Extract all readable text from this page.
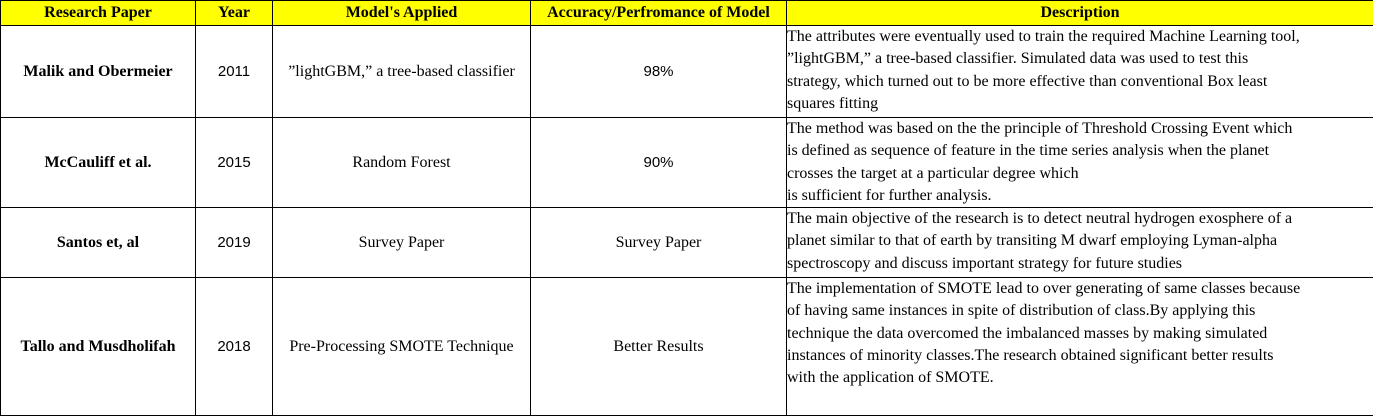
Research Paper	Year	Model's Applied	Accuracy/Perfromance of Model	Description
Malik and Obermeier	2011	”lightGBM,” a tree-based classifier	98%	The attributes were eventually used to train the required Machine Learning tool,
”lightGBM,” a tree-based classifier. Simulated data was used to test this
strategy, which turned out to be more effective than conventional Box least
squares fitting

McCauliff et al.	2015	Random Forest	90%	The method was based on the the principle of Threshold Crossing Event which
is defined as sequence of feature in the time series analysis when the planet
crosses the target at a particular degree which
is sufficient for further analysis.

Santos et, al	2019	Survey Paper	Survey Paper	The main objective of the research is to detect neutral hydrogen exosphere of a
planet similar to that of earth by transiting M dwarf employing Lyman-alpha
spectroscopy and discuss important strategy for future studies

Tallo and Musdholifah	2018	Pre-Processing SMOTE Technique	Better Results	The implementation of SMOTE lead to over generating of same classes because
of having same instances in spite of distribution of class.By applying this
technique the data overcomed the imbalanced masses by making simulated
instances of minority classes.The research obtained significant better results
with the application of SMOTE.
